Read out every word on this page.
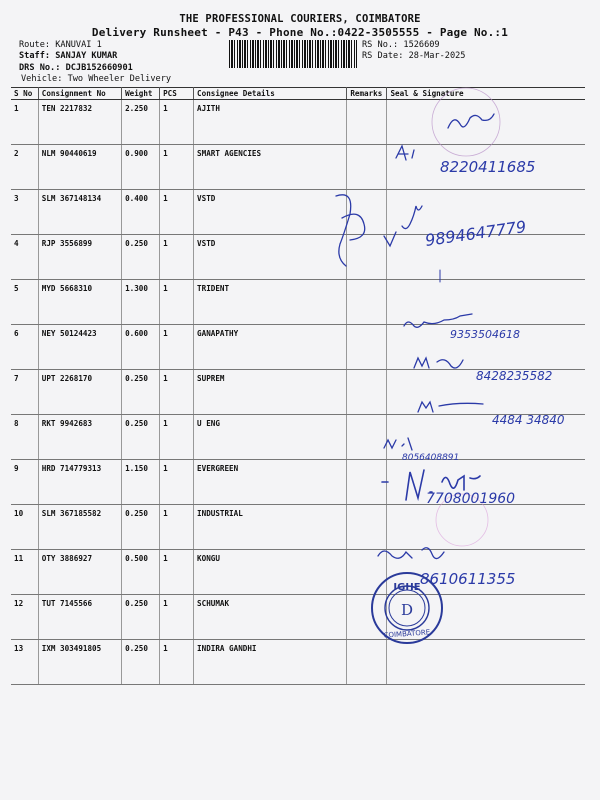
THE PROFESSIONAL COURIERS, COIMBATORE
Delivery Runsheet - P43 - Phone No.:0422-3505555 - Page No.:1
Route: KANUVAI 1
Staff: SANJAY KUMAR
DRS No.: DCJB152660901
Vehicle: Two Wheeler Delivery
RS No.: 1526609
RS Date: 28-Mar-2025
S No	Consignment No	Weight	PCS	Consignee Details	Remarks	Seal & Signature
1	TEN 2217832	2.250	1	AJITH		
2	NLM 90440619	0.900	1	SMART AGENCIES		
3	SLM 367148134	0.400	1	VSTD		
4	RJP 3556899	0.250	1	VSTD		
5	MYD 5668310	1.300	1	TRIDENT		
6	NEY 50124423	0.600	1	GANAPATHY		
7	UPT 2268170	0.250	1	SUPREM		
8	RKT 9942683	0.250	1	U ENG		
9	HRD 714779313	1.150	1	EVERGREEN		
10	SLM 367185582	0.250	1	INDUSTRIAL		
11	OTY 3886927	0.500	1	KONGU		
12	TUT 7145566	0.250	1	SCHUMAK		
13	IXM 303491805	0.250	1	INDIRA GANDHI		
8220411685
9894647779
9353504618
8428235582
4484 34840
8056408891
7708001960
8610611355
IGHE
D
COIMBATORE
